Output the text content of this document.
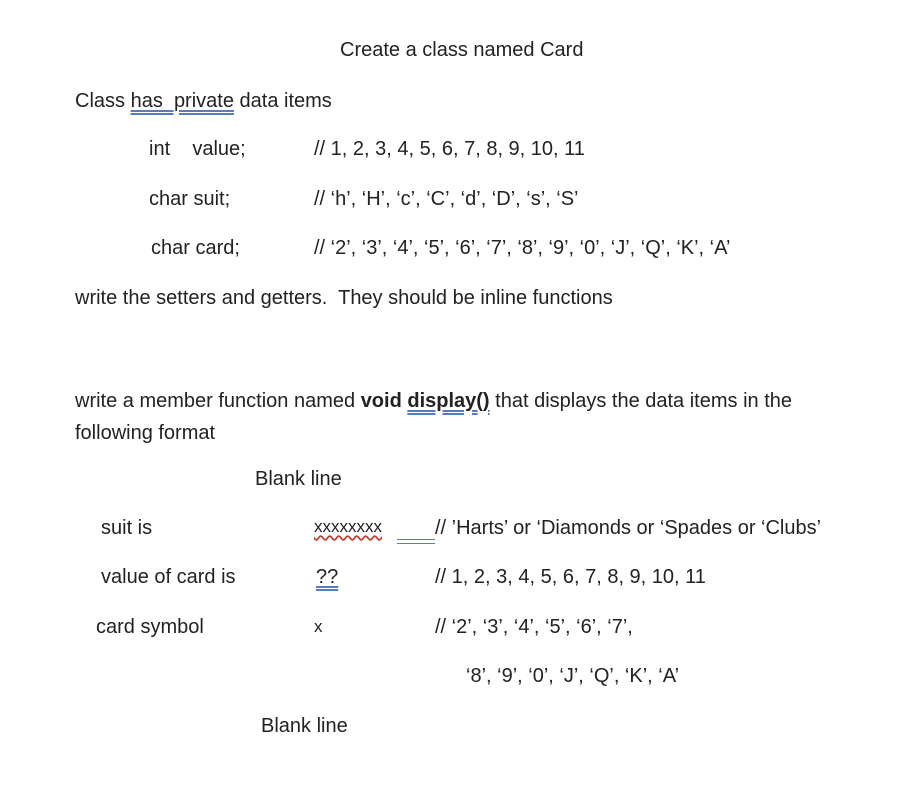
Create a class named Card
Class has  private data items
int    value;	// 1, 2, 3, 4, 5, 6, 7, 8, 9, 10, 11
char suit;	// ‘h’, ‘H’, ‘c’, ‘C’, ‘d’, ‘D’, ‘s’, ‘S’
char card;	// ‘2’, ‘3’, ‘4’, ‘5’, ‘6’, ‘7’, ‘8’, ‘9’, ‘0’, ‘J’, ‘Q’, ‘K’, ‘A’
write the setters and getters.  They should be inline functions
write a member function named void display() that displays the data items in the following format
Blank line
suit is	xxxxxxxx	// ’Harts’ or ‘Diamonds or ‘Spades or ‘Clubs’
value of card is	??	// 1, 2, 3, 4, 5, 6, 7, 8, 9, 10, 11
card symbol	x	// ‘2’, ‘3’, ‘4’, ‘5’, ‘6’, ‘7’,
‘8’, ‘9’, ‘0’, ‘J’, ‘Q’, ‘K’, ‘A’
Blank line
